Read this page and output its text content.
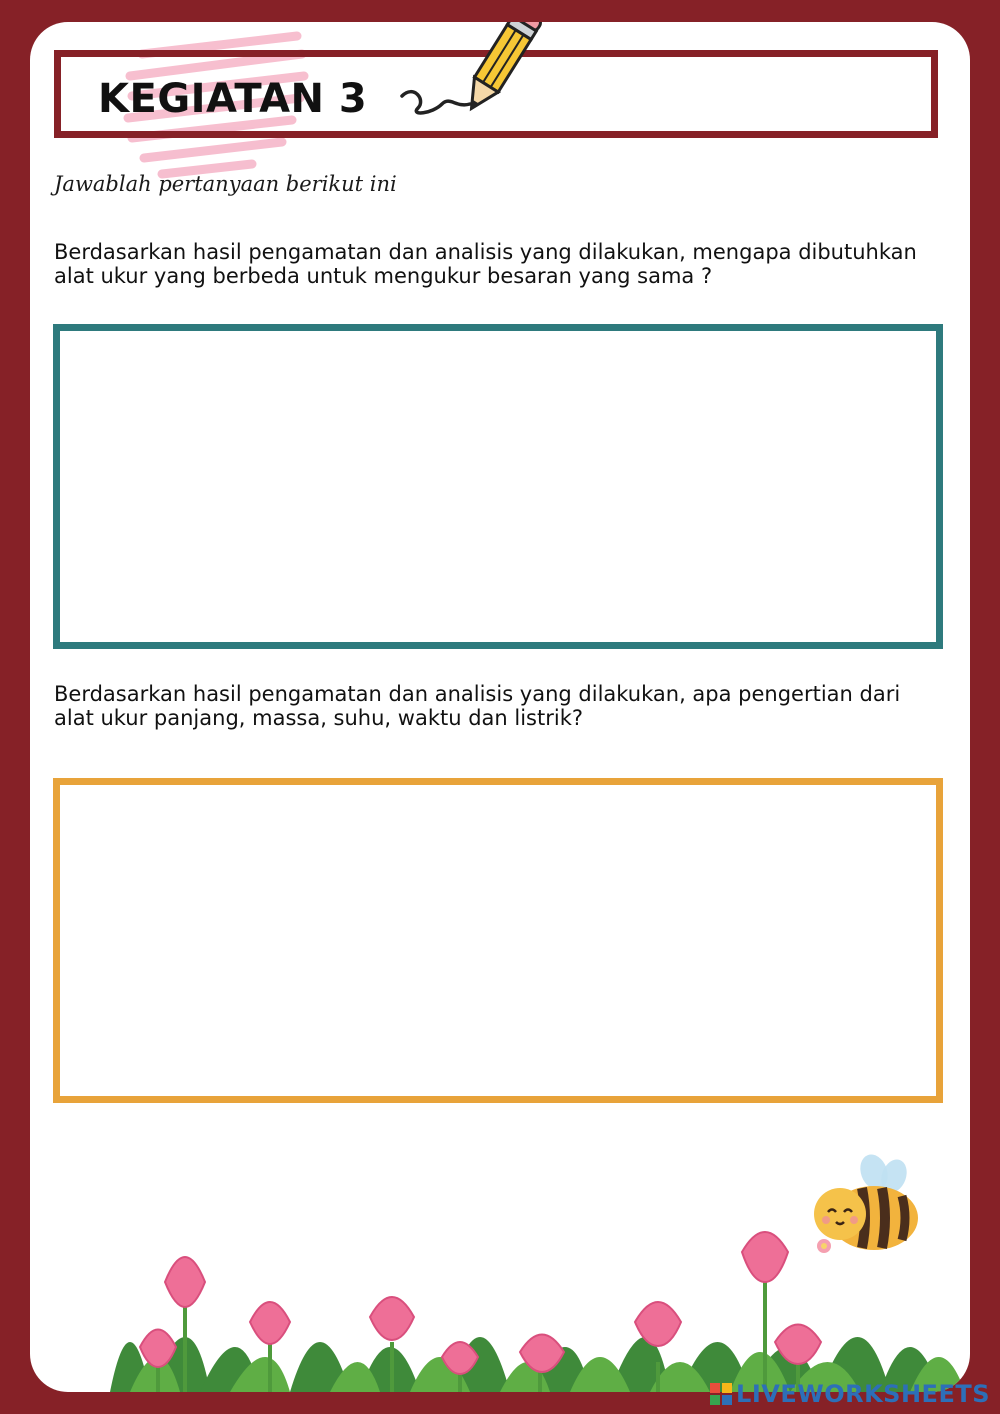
KEGIATAN 3

Jawablah pertanyaan berikut ini

Berdasarkan hasil pengamatan dan analisis yang dilakukan, mengapa dibutuhkan alat ukur yang berbeda untuk mengukur besaran yang sama ?

Berdasarkan hasil pengamatan dan analisis yang dilakukan, apa pengertian dari alat ukur panjang, massa, suhu, waktu dan listrik?

LIVEWORKSHEETS
